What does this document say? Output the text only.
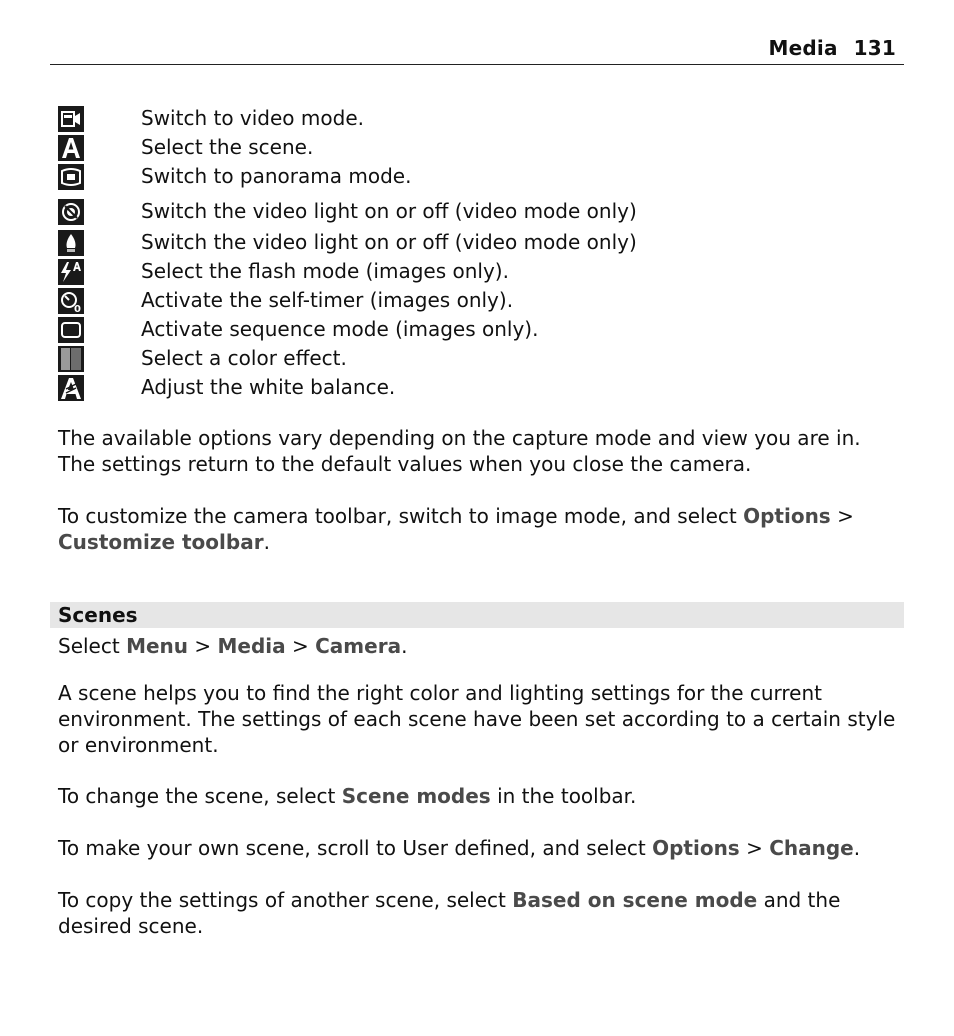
Media 131
Switch to video mode.
Select the scene.
Switch to panorama mode.
Switch the video light on or off (video mode only)
Switch the video light on or off (video mode only)
Select the flash mode (images only).
0	Activate the self-timer (images only).
Activate sequence mode (images only).
Select a color effect.
Adjust the white balance.

The available options vary depending on the capture mode and view you are in. The settings return to the default values when you close the camera.

To customize the camera toolbar, switch to image mode, and select Options > Customize toolbar.

Scenes

Select Menu > Media > Camera.

A scene helps you to find the right color and lighting settings for the current environment. The settings of each scene have been set according to a certain style or environment.

To change the scene, select Scene modes in the toolbar.

To make your own scene, scroll to User defined, and select Options > Change.

To copy the settings of another scene, select Based on scene mode and the desired scene.
